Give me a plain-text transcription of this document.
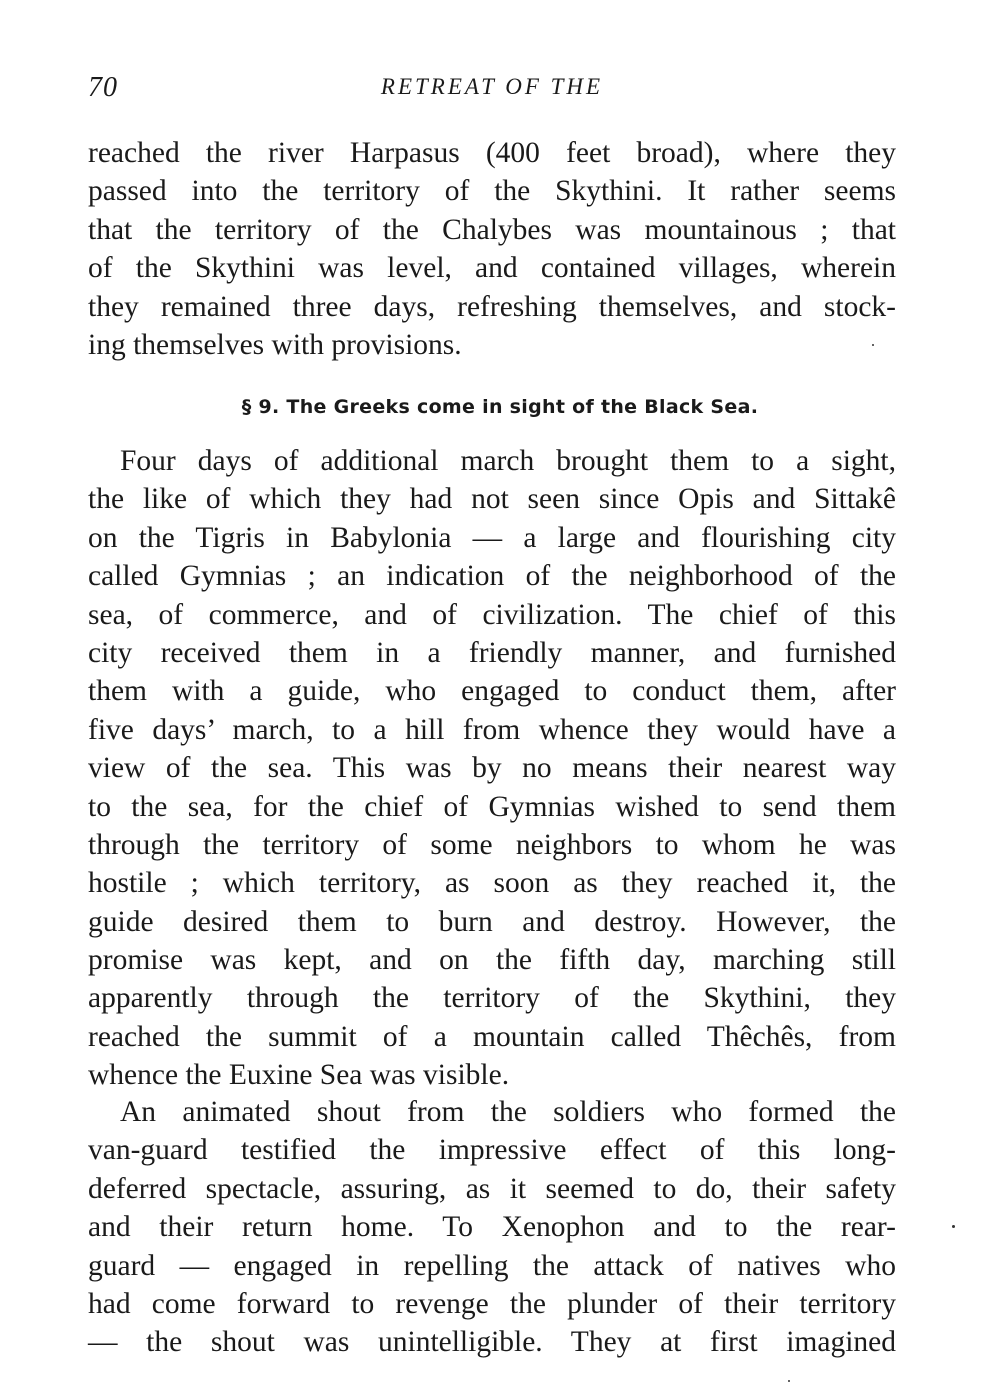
70	RETREAT OF THE
reached the river Harpasus (400 feet broad), where they
passed into the territory of the Skythini. It rather seems
that the territory of the Chalybes was mountainous ; that
of the Skythini was level, and contained villages, wherein
they remained three days, refreshing themselves, and stock-
ing themselves with provisions.
§ 9. The Greeks come in sight of the Black Sea.
Four days of additional march brought them to a sight,
the like of which they had not seen since Opis and Sittakê
on the Tigris in Babylonia — a large and flourishing city
called Gymnias ; an indication of the neighborhood of the
sea, of commerce, and of civilization. The chief of this
city received them in a friendly manner, and furnished
them with a guide, who engaged to conduct them, after
five days’ march, to a hill from whence they would have a
view of the sea. This was by no means their nearest way
to the sea, for the chief of Gymnias wished to send them
through the territory of some neighbors to whom he was
hostile ; which territory, as soon as they reached it, the
guide desired them to burn and destroy. However, the
promise was kept, and on the fifth day, marching still
apparently through the territory of the Skythini, they
reached the summit of a mountain called Thêchês, from
whence the Euxine Sea was visible.
An animated shout from the soldiers who formed the
van-guard testified the impressive effect of this long-
deferred spectacle, assuring, as it seemed to do, their safety
and their return home. To Xenophon and to the rear-
guard — engaged in repelling the attack of natives who
had come forward to revenge the plunder of their territory
— the shout was unintelligible. They at first imagined
